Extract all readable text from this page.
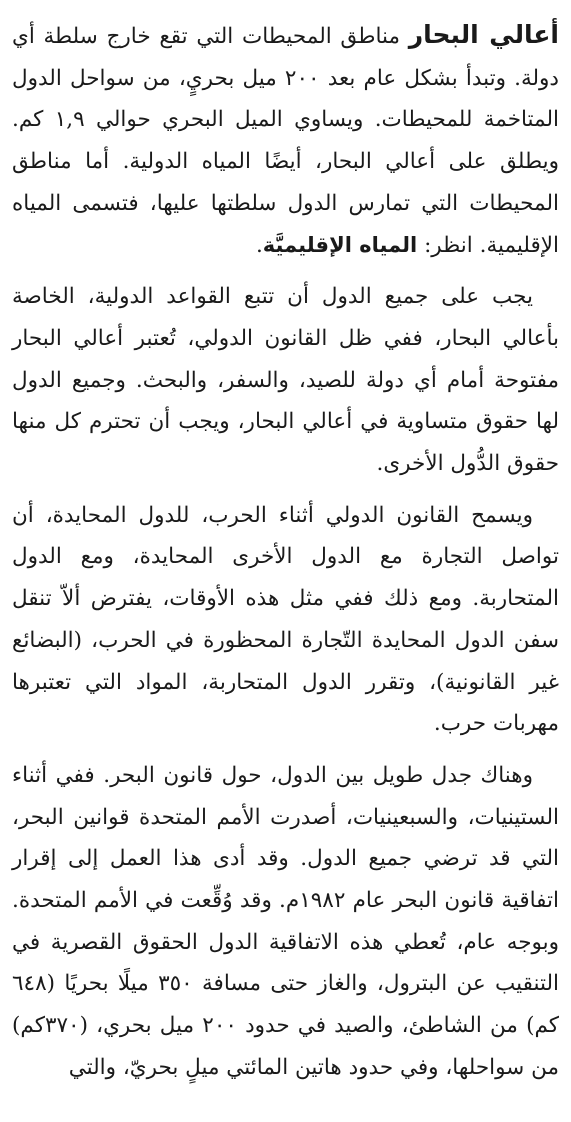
أعالي البحار مناطق المحيطات التي تقع خارج سلطة أي دولة. وتبدأ بشكل عام بعد ٢٠٠ ميل بحريٍ، من سواحل الدول المتاخمة للمحيطات. ويساوي الميل البحري حوالي ١,٩ كم. ويطلق على أعالي البحار، أيضًا المياه الدولية. أما مناطق المحيطات التي تمارس الدول سلطتها عليها، فتسمى المياه الإقليمية. انظر: المياه الإقليميَّة.

يجب على جميع الدول أن تتبع القواعد الدولية، الخاصة بأعالي البحار، ففي ظل القانون الدولي، تُعتبر أعالي البحار مفتوحة أمام أي دولة للصيد، والسفر، والبحث. وجميع الدول لها حقوق متساوية في أعالي البحار، ويجب أن تحترم كل منها حقوق الدُّول الأخرى.

ويسمح القانون الدولي أثناء الحرب، للدول المحايدة، أن تواصل التجارة مع الدول الأخرى المحايدة، ومع الدول المتحاربة. ومع ذلك ففي مثل هذه الأوقات، يفترض ألاّ تنقل سفن الدول المحايدة التّجارة المحظورة في الحرب، (البضائع غير القانونية)، وتقرر الدول المتحاربة، المواد التي تعتبرها مهربات حرب.

وهناك جدل طويل بين الدول، حول قانون البحر. ففي أثناء الستينيات، والسبعينيات، أصدرت الأمم المتحدة قوانين البحر، التي قد ترضي جميع الدول. وقد أدى هذا العمل إلى إقرار اتفاقية قانون البحر عام ١٩٨٢م. وقد وُقِّعت في الأمم المتحدة. وبوجه عام، تُعطي هذه الاتفاقية الدول الحقوق القصرية في التنقيب عن البترول، والغاز حتى مسافة ٣٥٠ ميلًا بحريًا (٦٤٨ كم) من الشاطئ، والصيد في حدود ٢٠٠ ميل بحري، (٣٧٠كم) من سواحلها، وفي حدود هاتين المائتي ميلٍ بحريّ، والتي
